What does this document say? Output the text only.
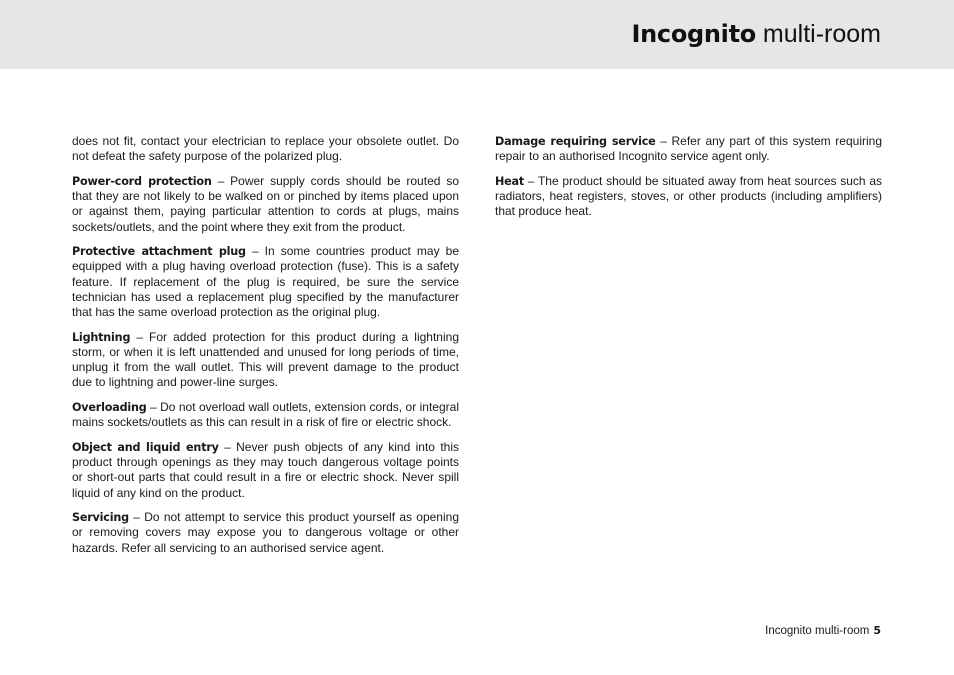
Incognito multi-room

does not fit, contact your electrician to replace your obsolete outlet. Do not defeat the safety purpose of the polarized plug.

Power-cord protection – Power supply cords should be routed so that they are not likely to be walked on or pinched by items placed upon or against them, paying particular attention to cords at plugs, mains sockets/outlets, and the point where they exit from the product.

Protective attachment plug – In some countries product may be equipped with a plug having overload protection (fuse). This is a safety feature. If replacement of the plug is required, be sure the service technician has used a replacement plug specified by the manufacturer that has the same overload protection as the original plug.

Lightning – For added protection for this product during a lightning storm, or when it is left unattended and unused for long periods of time, unplug it from the wall outlet. This will prevent damage to the product due to lightning and power-line surges.

Overloading – Do not overload wall outlets, extension cords, or integral mains sockets/outlets as this can result in a risk of fire or electric shock.

Object and liquid entry – Never push objects of any kind into this product through openings as they may touch dangerous voltage points or short-out parts that could result in a fire or electric shock. Never spill liquid of any kind on the product.

Servicing – Do not attempt to service this product yourself as opening or removing covers may expose you to dangerous voltage or other hazards. Refer all servicing to an authorised service agent.

Damage requiring service – Refer any part of this system requiring repair to an authorised Incognito service agent only.

Heat – The product should be situated away from heat sources such as radiators, heat registers, stoves, or other products (including amplifiers) that produce heat.

Incognito multi-room 5
